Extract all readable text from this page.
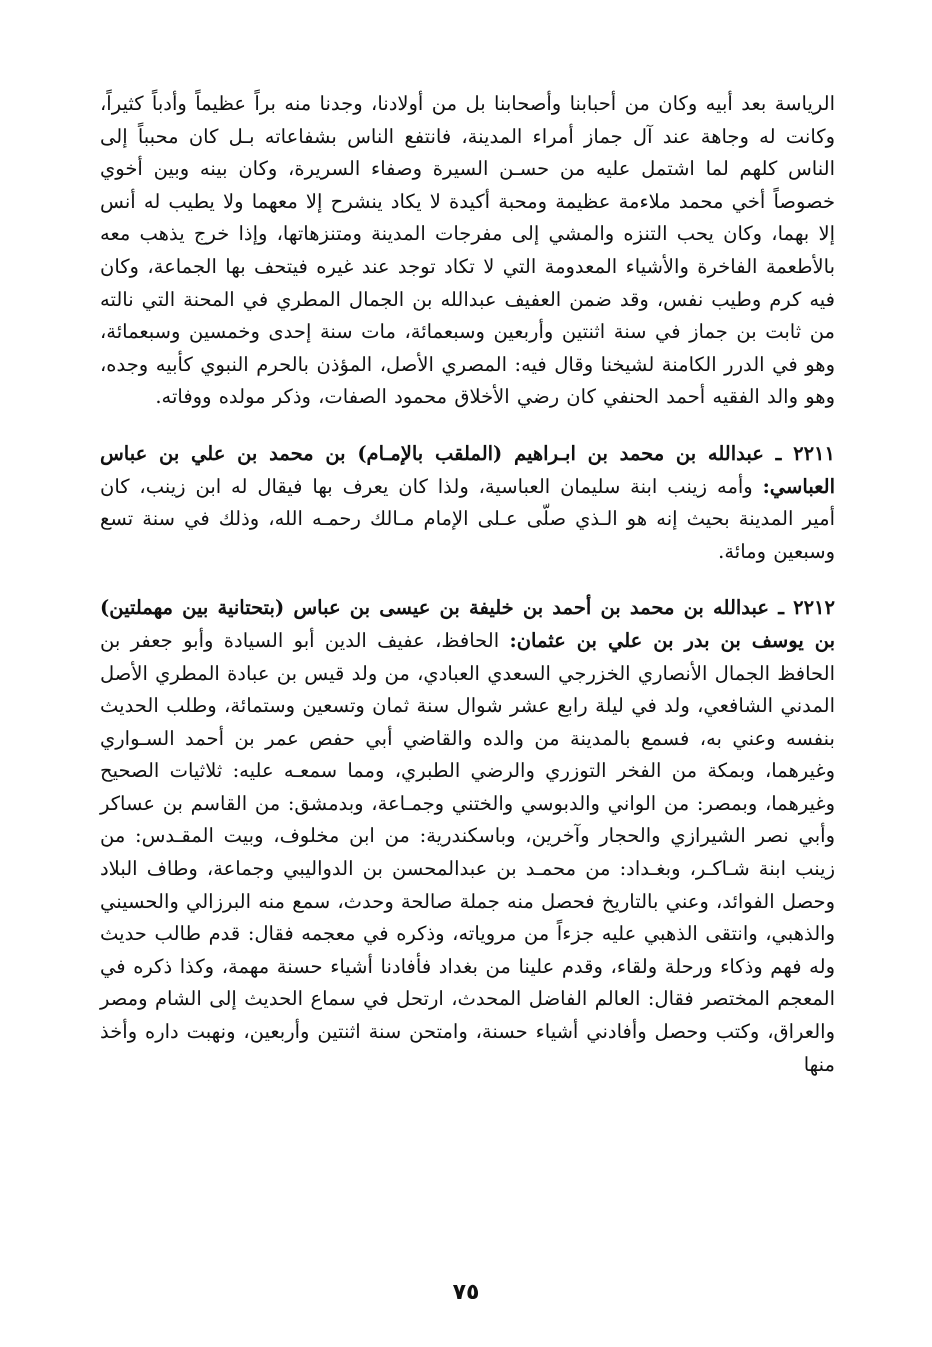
الرياسة بعد أبيه وكان من أحبابنا وأصحابنا بل من أولادنا، وجدنا منه براً عظيماً وأدباً كثيراً، وكانت له وجاهة عند آل جماز أمراء المدينة، فانتفع الناس بشفاعاته بـل كان محبباً إلى الناس كلهم لما اشتمل عليه من حسـن السيرة وصفاء السريرة، وكان بينه وبين أخوي خصوصاً أخي محمد ملاءمة عظيمة ومحبة أكيدة لا يكاد ينشرح إلا معهما ولا يطيب له أنس إلا بهما، وكان يحب التنزه والمشي إلى مفرجات المدينة ومتنزهاتها، وإذا خرج يذهب معه بالأطعمة الفاخرة والأشياء المعدومة التي لا تكاد توجد عند غيره فيتحف بها الجماعة، وكان فيه كرم وطيب نفس، وقد ضمن العفيف عبدالله بن الجمال المطري في المحنة التي نالته من ثابت بن جماز في سنة اثنتين وأربعين وسبعمائة، مات سنة إحدى وخمسين وسبعمائة، وهو في الدرر الكامنة لشيخنا وقال فيه: المصري الأصل، المؤذن بالحرم النبوي كأبيه وجده، وهو والد الفقيه أحمد الحنفي كان رضي الأخلاق محمود الصفات، وذكر مولده ووفاته.

٢٢١١ ـ عبدالله بن محمد بن ابـراهيم (الملقب بالإمـام) بن محمد بن علي بن عباس العباسي: وأمه زينب ابنة سليمان العباسية، ولذا كان يعرف بها فيقال له ابن زينب، كان أمير المدينة بحيث إنه هو الـذي صلّى عـلى الإمام مـالك رحمـه الله، وذلك في سنة تسع وسبعين ومائة.

٢٢١٢ ـ عبدالله بن محمد بن أحمد بن خليفة بن عيسى بن عباس (بتحتانية بين مهملتين) بن يوسف بن بدر بن علي بن عثمان: الحافظ، عفيف الدين أبو السيادة وأبو جعفر بن الحافظ الجمال الأنصاري الخزرجي السعدي العبادي، من ولد قيس بن عبادة المطري الأصل المدني الشافعي، ولد في ليلة رابع عشر شوال سنة ثمان وتسعين وستمائة، وطلب الحديث بنفسه وعني به، فسمع بالمدينة من والده والقاضي أبي حفص عمر بن أحمد السـواري وغيرهما، وبمكة من الفخر التوزري والرضي الطبري، ومما سمعـه عليه: ثلاثيات الصحيح وغيرهما، وبمصر: من الواني والدبوسي والختني وجمـاعة، وبدمشق: من القاسم بن عساكر وأبي نصر الشيرازي والحجار وآخرين، وباسكندرية: من ابن مخلوف، وبيت المقـدس: من زينب ابنة شـاكـر، وبغـداد: من محمـد بن عبدالمحسن بن الدواليبي وجماعة، وطاف البلاد وحصل الفوائد، وعني بالتاريخ فحصل منه جملة صالحة وحدث، سمع منه البرزالي والحسيني والذهبي، وانتقى الذهبي عليه جزءاً من مروياته، وذكره في معجمه فقال: قدم طالب حديث وله فهم وذكاء ورحلة ولقاء، وقدم علينا من بغداد فأفادنا أشياء حسنة مهمة، وكذا ذكره في المعجم المختصر فقال: العالم الفاضل المحدث، ارتحل في سماع الحديث إلى الشام ومصر والعراق، وكتب وحصل وأفادني أشياء حسنة، وامتحن سنة اثنتين وأربعين، ونهبت داره وأخذ منها

٧٥
